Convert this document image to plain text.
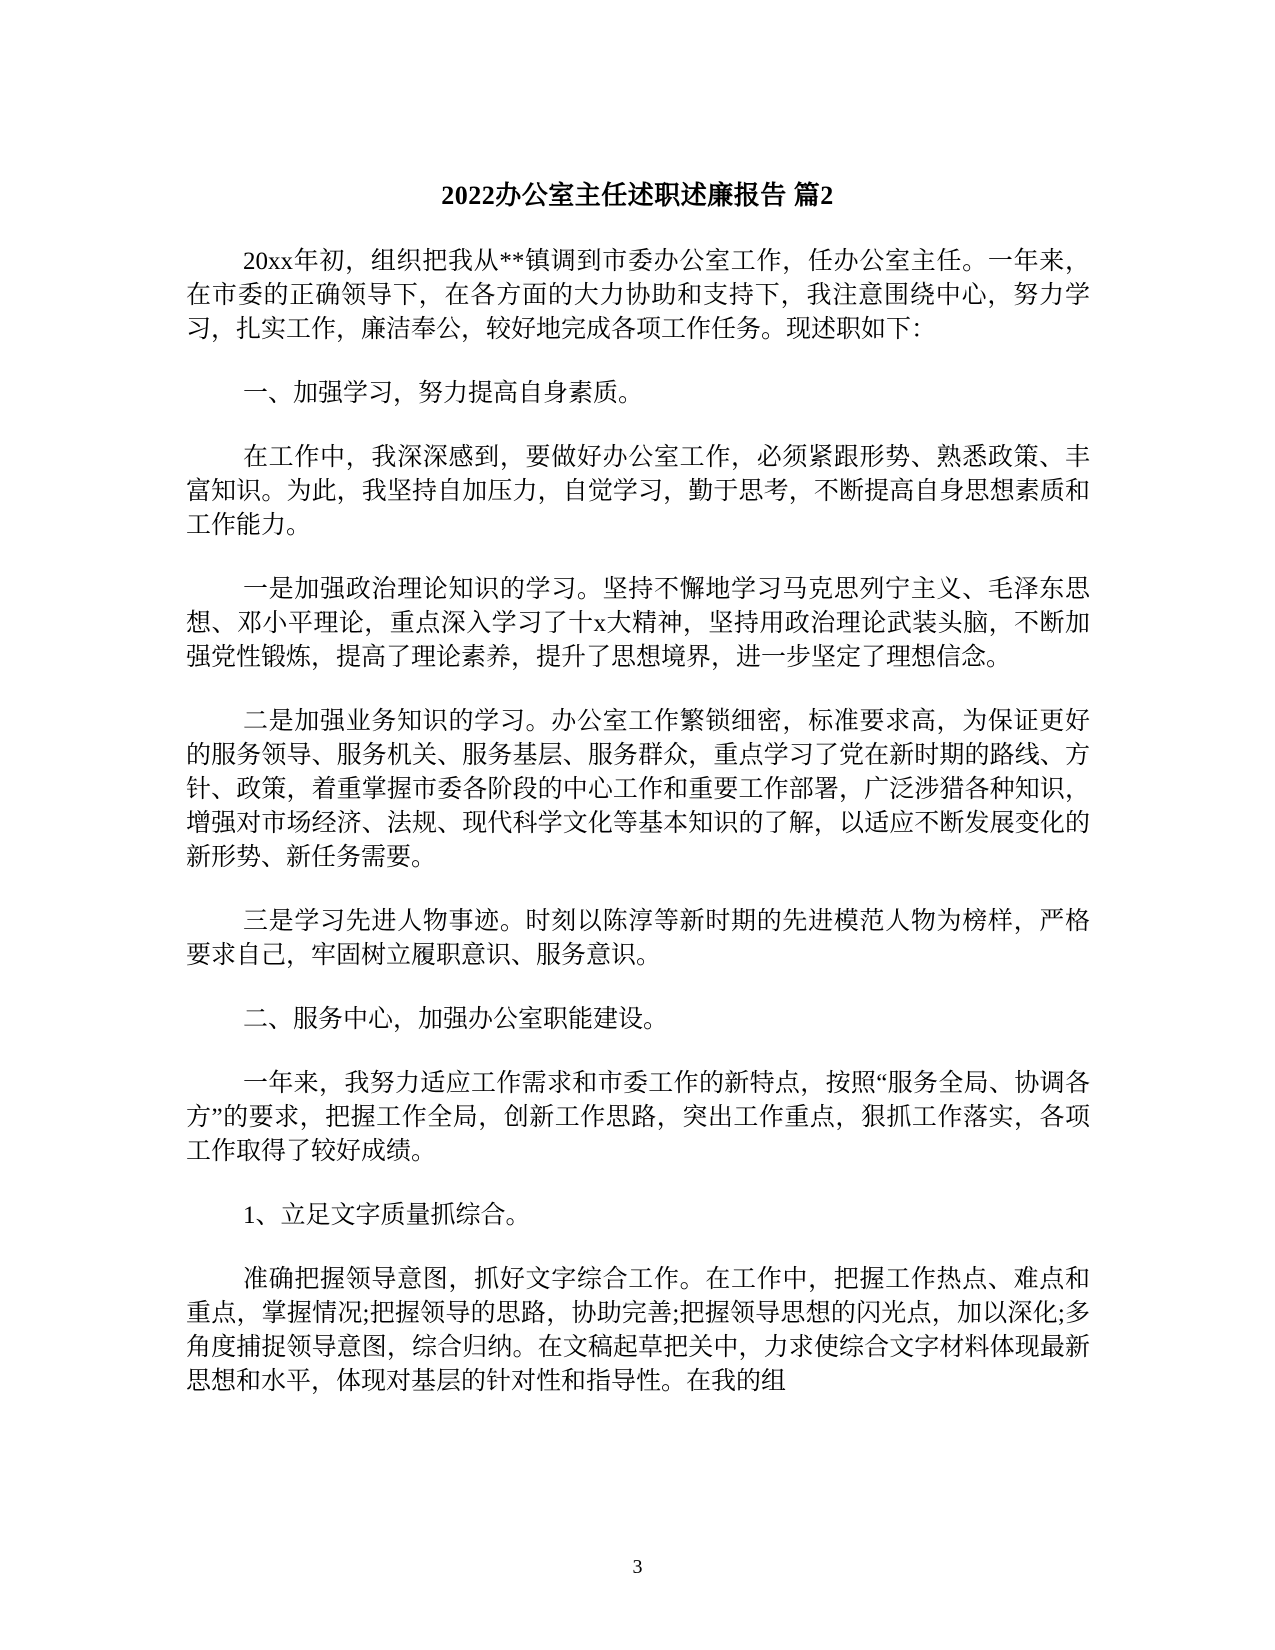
2022办公室主任述职述廉报告 篇2

20xx年初，组织把我从**镇调到市委办公室工作，任办公室主任。一年来，在市委的正确领导下，在各方面的大力协助和支持下，我注意围绕中心，努力学习，扎实工作，廉洁奉公，较好地完成各项工作任务。现述职如下：

一、加强学习，努力提高自身素质。

在工作中，我深深感到，要做好办公室工作，必须紧跟形势、熟悉政策、丰富知识。为此，我坚持自加压力，自觉学习，勤于思考，不断提高自身思想素质和工作能力。

一是加强政治理论知识的学习。坚持不懈地学习马克思列宁主义、毛泽东思想、邓小平理论，重点深入学习了十x大精神，坚持用政治理论武装头脑，不断加强党性锻炼，提高了理论素养，提升了思想境界，进一步坚定了理想信念。

二是加强业务知识的学习。办公室工作繁锁细密，标准要求高，为保证更好的服务领导、服务机关、服务基层、服务群众，重点学习了党在新时期的路线、方针、政策，着重掌握市委各阶段的中心工作和重要工作部署，广泛涉猎各种知识，增强对市场经济、法规、现代科学文化等基本知识的了解，以适应不断发展变化的新形势、新任务需要。

三是学习先进人物事迹。时刻以陈淳等新时期的先进模范人物为榜样，严格要求自己，牢固树立履职意识、服务意识。

二、服务中心，加强办公室职能建设。

一年来，我努力适应工作需求和市委工作的新特点，按照“服务全局、协调各方”的要求，把握工作全局，创新工作思路，突出工作重点，狠抓工作落实，各项工作取得了较好成绩。

1、立足文字质量抓综合。

准确把握领导意图，抓好文字综合工作。在工作中，把握工作热点、难点和重点，掌握情况;把握领导的思路，协助完善;把握领导思想的闪光点，加以深化;多角度捕捉领导意图，综合归纳。在文稿起草把关中，力求使综合文字材料体现最新思想和水平，体现对基层的针对性和指导性。在我的组

3
